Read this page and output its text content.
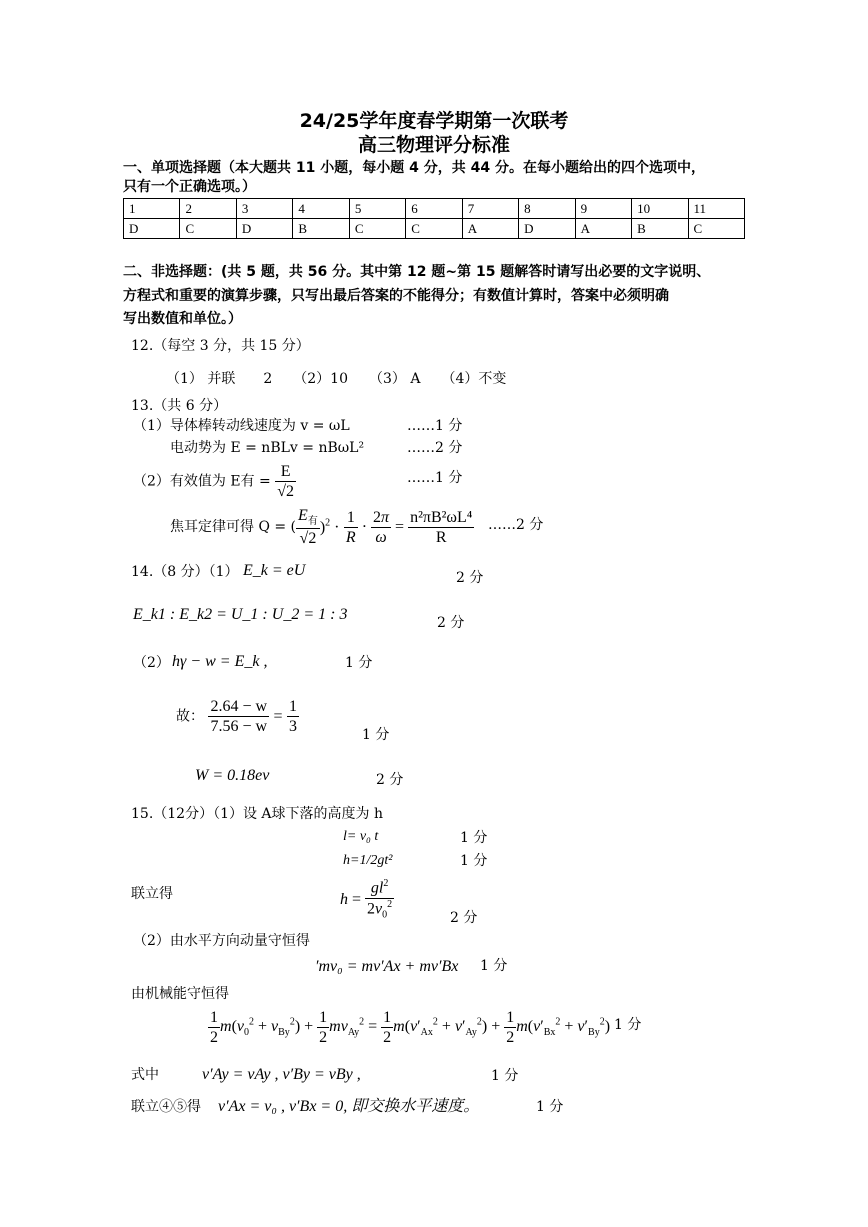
24/25学年度春学期第一次联考
高三物理评分标准
一、单项选择题（本大题共 11 小题，每小题 4 分，共 44 分。在每小题给出的四个选项中，
只有一个正确选项。）
1	2	3	4	5	6	7	8	9	10	11
D	C	D	B	C	C	A	D	A	B	C
二、非选择题：(共 5 题，共 56 分。其中第 12 题~第 15 题解答时请写出必要的文字说明、
方程式和重要的演算步骤，只写出最后答案的不能得分；有数值计算时，答案中必须明确
写出数值和单位。）
12.（每空 3 分，共 15 分）
（1） 并联　　2　　（2）10　　（3） A　　（4）不变
13.（共 6 分）
（1）导体棒转动线速度为 v = ωL	……1 分
电动势为 E = nBLv = nBωL²	……2 分
（2）有效值为 E有 = $\frac{E}{√2}$	……1 分
焦耳定律可得 Q = ( $\frac{E_有}{√2} )^2 \cdot \frac{1}{R} \cdot \frac{2\pi}{\omega} = \frac{\text{n²πB²ωL⁴}}{R}$ ……2 分
14.（8 分）（1） E_k = eU	2 分
E_k1 : E_k2 = U_1 : U_2 = 1 : 3	2 分
（2） hγ − w = E_k ,	1 分
故： $\frac{2.64 - w}{7.56 - w} = \frac{1}{3}$	1 分
W = 0.18ev	2 分
15.（12分）（1）设 A球下落的高度为 h
l= v₀ t	1 分
h=1/2gt²	1 分
联立得	$h = \frac{gl^2}{2v_0^2}$	2 分
（2）由水平方向动量守恒得
′mv₀ = mv′Ax + mv′Bx 1 分
由机械能守恒得
$\frac{1}{2} m(v_0^2 + v_{By}^2) + \frac{1}{2} mv_{Ay}^2 = \frac{1}{2} m(v'_{Ax}^2 + v'_{Ay}^2) + \frac{1}{2} m(v'_{Bx}^2 + v'_{By}^2)$ 1 分
式中	v′Ay = vAy , v′By = vBy ,	1 分
联立④⑤得 v′Ax = v₀ , v′Bx = 0, 即交换水平速度。	1 分
